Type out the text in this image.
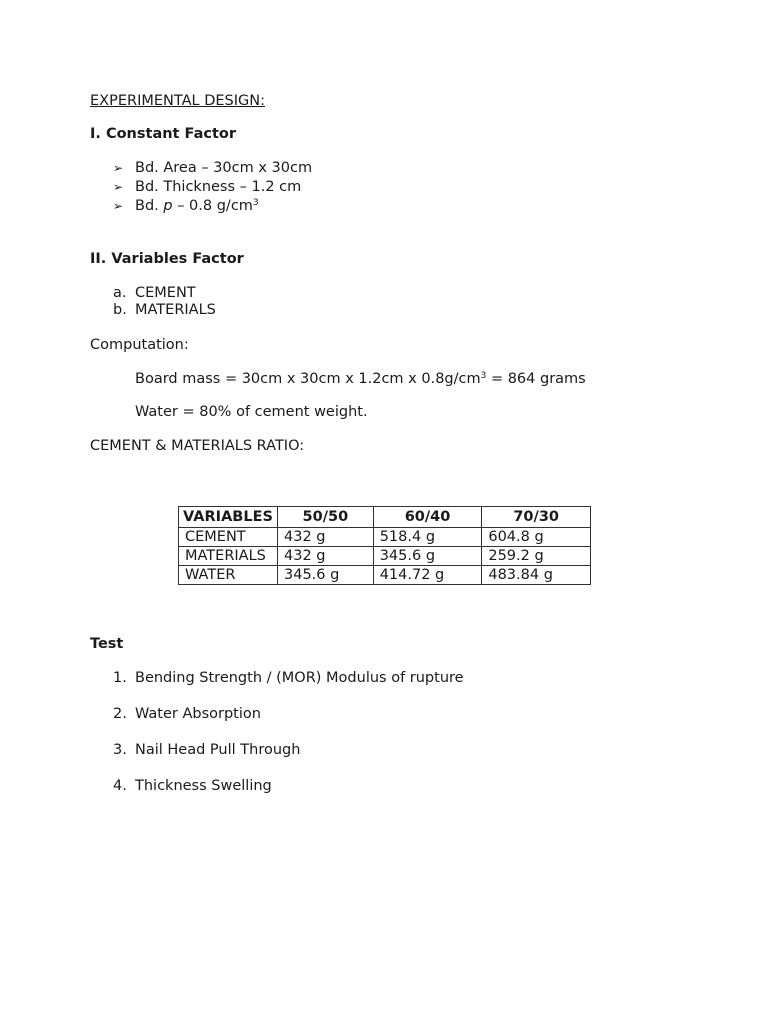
EXPERIMENTAL DESIGN:
I. Constant Factor
➢ Bd. Area – 30cm x 30cm
➢ Bd. Thickness – 1.2 cm
➢ Bd. p – 0.8 $g/cm^3$
II. Variables Factor
a. CEMENT
b. MATERIALS
Computation:
Board mass = 30cm x 30cm x 1.2cm x $0.8g/cm^3 = 864$ grams
Water = 80% of cement weight.
CEMENT & MATERIALS RATIO:
VARIABLES	50/50	60/40	70/30
CEMENT	432 g	518.4 g	604.8 g
MATERIALS	432 g	345.6 g	259.2 g
WATER	345.6 g	414.72 g	483.84 g
Test
1. Bending Strength / (MOR) Modulus of rupture
2. Water Absorption
3. Nail Head Pull Through
4. Thickness Swelling
